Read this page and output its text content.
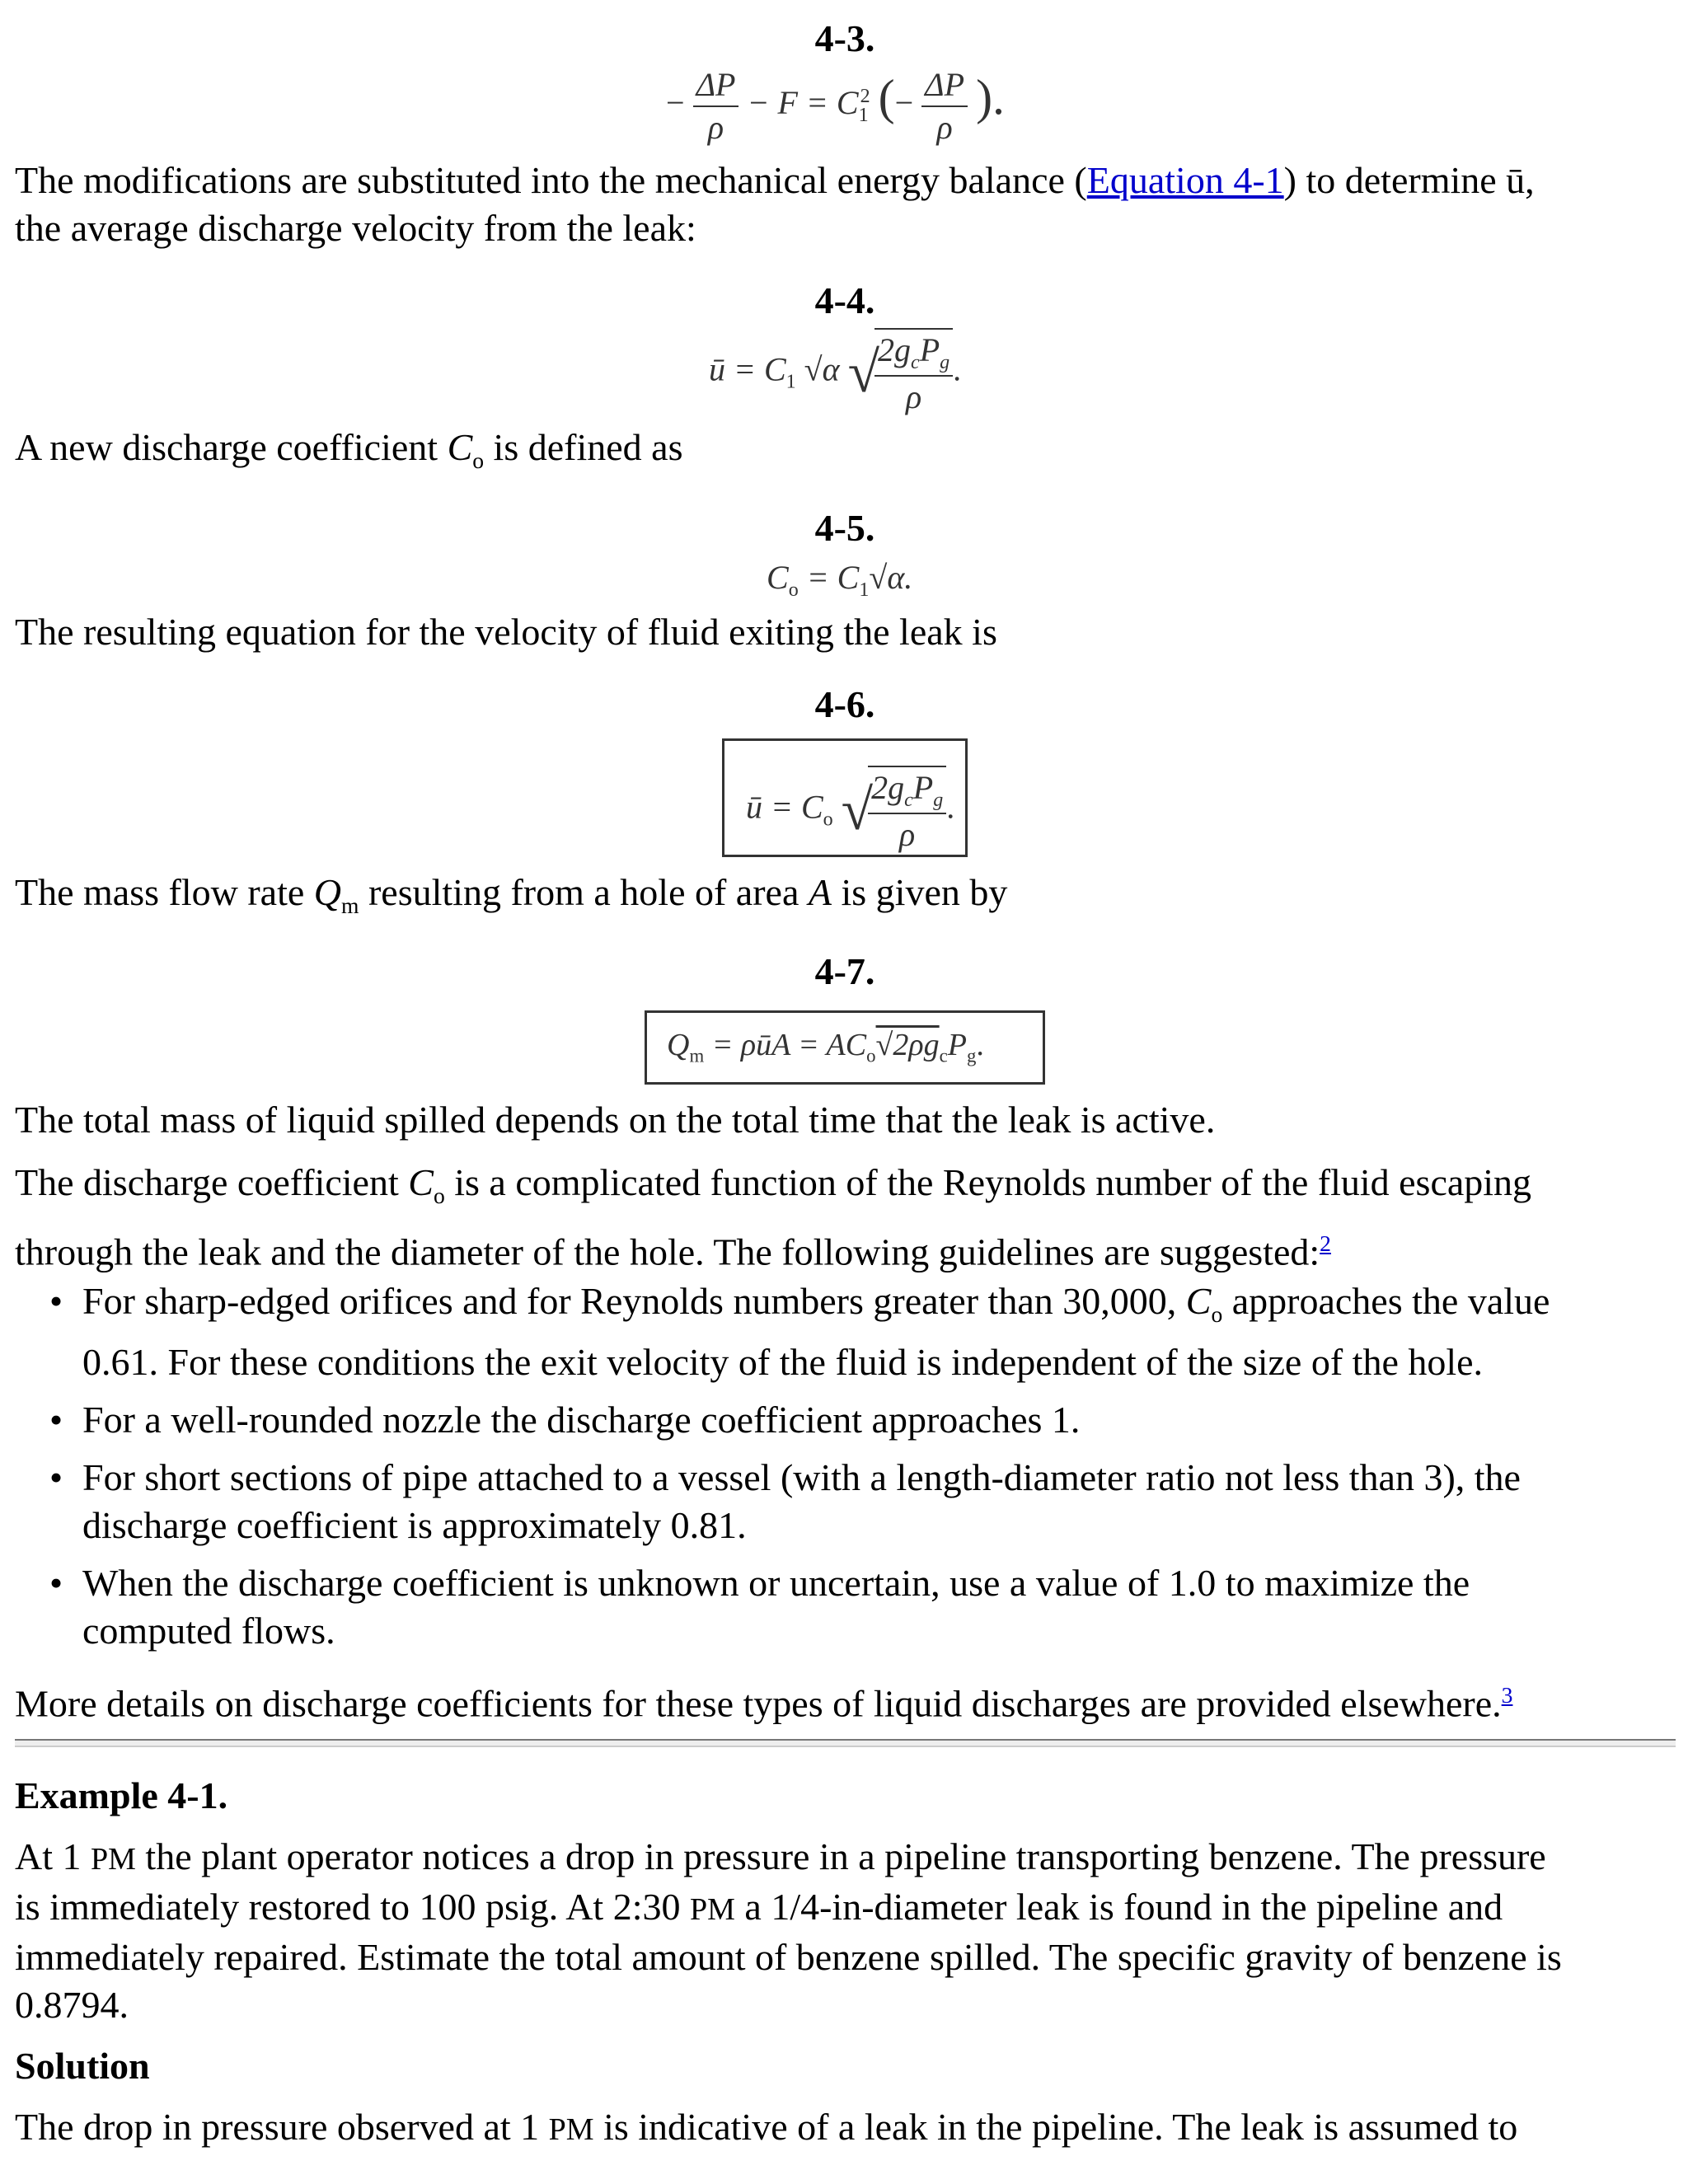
4-3.
− $\frac{\Delta P}{\rho} - F = C_1^2$ (− $\frac{\Delta P}{\rho}$ ).
The modifications are substituted into the mechanical energy balance (Equation 4-1) to determine ū,
the average discharge velocity from the leak:
4-4.
ū = $C_1$ √α √
$\frac{2g_cP_g}{\rho}$ .
A new discharge coefficient $C_o$ is defined as
4-5.
$C_o = C_1√\alpha$.
The resulting equation for the velocity of fluid exiting the leak is
4-6.
ū = $C_o$ √
$\frac{2g_cP_g}{\rho}$ .
The mass flow rate $Q_m$ resulting from a hole of area A is given by
4-7.
$Q_m$ = ρūA = $AC_o√2\rho g_cP_g$.
The total mass of liquid spilled depends on the total time that the leak is active.
The discharge coefficient $C_o$ is a complicated function of the Reynolds number of the fluid escaping
through the leak and the diameter of the hole. The following guidelines are suggested:$^2$
• For sharp-edged orifices and for Reynolds numbers greater than 30,000, $C_o$ approaches the value
0.61. For these conditions the exit velocity of the fluid is independent of the size of the hole.
• For a well-rounded nozzle the discharge coefficient approaches 1.
• For short sections of pipe attached to a vessel (with a length-diameter ratio not less than 3), the
discharge coefficient is approximately 0.81.
• When the discharge coefficient is unknown or uncertain, use a value of 1.0 to maximize the
computed flows.
More details on discharge coefficients for these types of liquid discharges are provided elsewhere.$^3$
Example 4-1.
At 1 PM the plant operator notices a drop in pressure in a pipeline transporting benzene. The pressure
is immediately restored to 100 psig. At 2:30 PM a 1/4-in-diameter leak is found in the pipeline and
immediately repaired. Estimate the total amount of benzene spilled. The specific gravity of benzene is
0.8794.
Solution
The drop in pressure observed at 1 PM is indicative of a leak in the pipeline. The leak is assumed to
